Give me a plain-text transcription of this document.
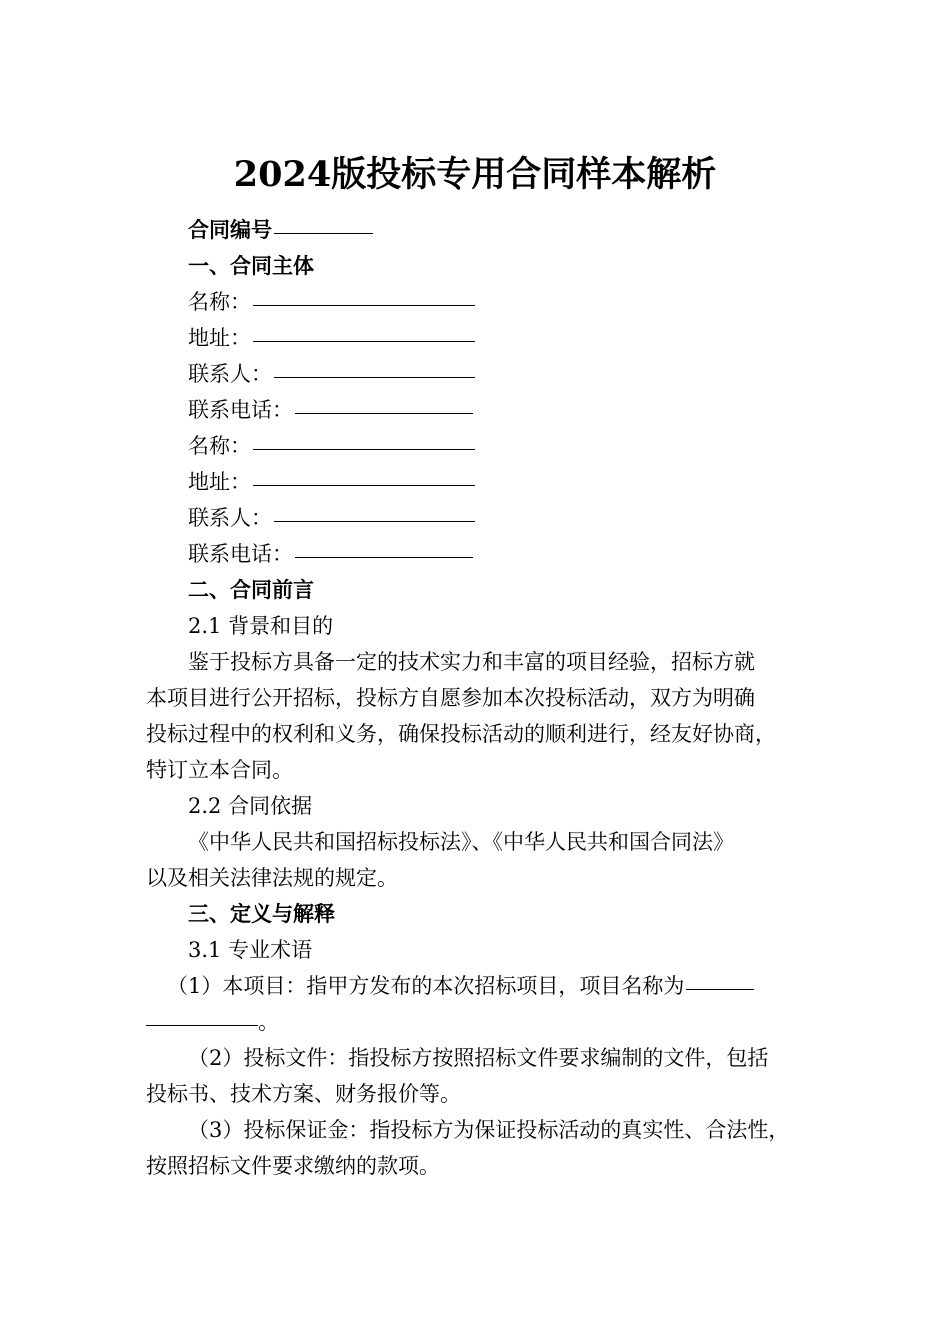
2024版投标专用合同样本解析
合同编号
一、合同主体
名称：
地址：
联系人：
联系电话：
名称：
地址：
联系人：
联系电话：
二、合同前言
2.1 背景和目的
鉴于投标方具备一定的技术实力和丰富的项目经验，招标方就
本项目进行公开招标，投标方自愿参加本次投标活动，双方为明确
投标过程中的权利和义务，确保投标活动的顺利进行，经友好协商，
特订立本合同。
2.2 合同依据
《中华人民共和国招标投标法》、《中华人民共和国合同法》
以及相关法律法规的规定。
三、定义与解释
3.1 专业术语
（1）本项目：指甲方发布的本次招标项目，项目名称为
。
（2）投标文件：指投标方按照招标文件要求编制的文件，包括
投标书、技术方案、财务报价等。
（3）投标保证金：指投标方为保证投标活动的真实性、合法性，
按照招标文件要求缴纳的款项。
